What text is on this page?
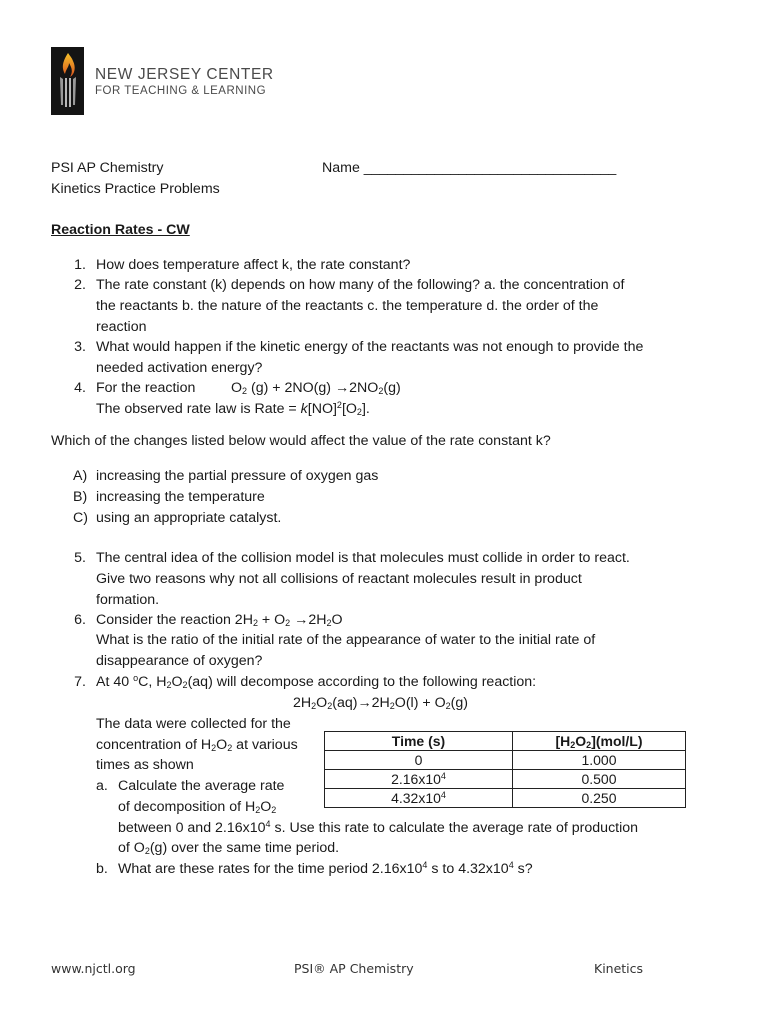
NEW JERSEY CENTER
FOR TEACHING & LEARNING
PSI AP Chemistry	Name ________________________________
Kinetics Practice Problems
Reaction Rates - CW
1. How does temperature affect k, the rate constant?
2. The rate constant (k) depends on how many of the following? a. the concentration of
the reactants b. the nature of the reactants c. the temperature d. the order of the
reaction
3. What would happen if the kinetic energy of the reactants was not enough to provide the
needed activation energy?
4. For the reaction	$O_2$ $(g) + 2NO(g) \to 2NO_2(g)$
The observed rate law is Rate = $k[NO]^2[O_2]$.
Which of the changes listed below would affect the value of the rate constant k?
A) increasing the partial pressure of oxygen gas
B) increasing the temperature
C) using an appropriate catalyst.
5. The central idea of the collision model is that molecules must collide in order to react.
Give two reasons why not all collisions of reactant molecules result in product
formation.
6. Consider the reaction $2H_2 + O_2 \to 2H_2O$
What is the ratio of the initial rate of the appearance of water to the initial rate of
disappearance of oxygen?
7. At 40 $^o$C, $H_2O_2(aq)$ will decompose according to the following reaction:
$2H_2O_2(aq)\to 2H_2O(l) + O_2(g)$
The data were collected for the
concentration of $H_2O_2$ at various
times as shown
a. Calculate the average rate
of decomposition of $H_2O_2$
between 0 and $2.16x10^4$ s. Use this rate to calculate the average rate of production
of $O_2(g)$ over the same time period.
b. What are these rates for the time period $2.16x10^4$ s to $4.32x10^4$ s?
Time (s)	$[H_2O_2](mol/L)$
0	1.000
$2.16x10^4$	0.500
$4.32x10^4$	0.250
www.njctl.org	PSI® AP Chemistry	Kinetics
